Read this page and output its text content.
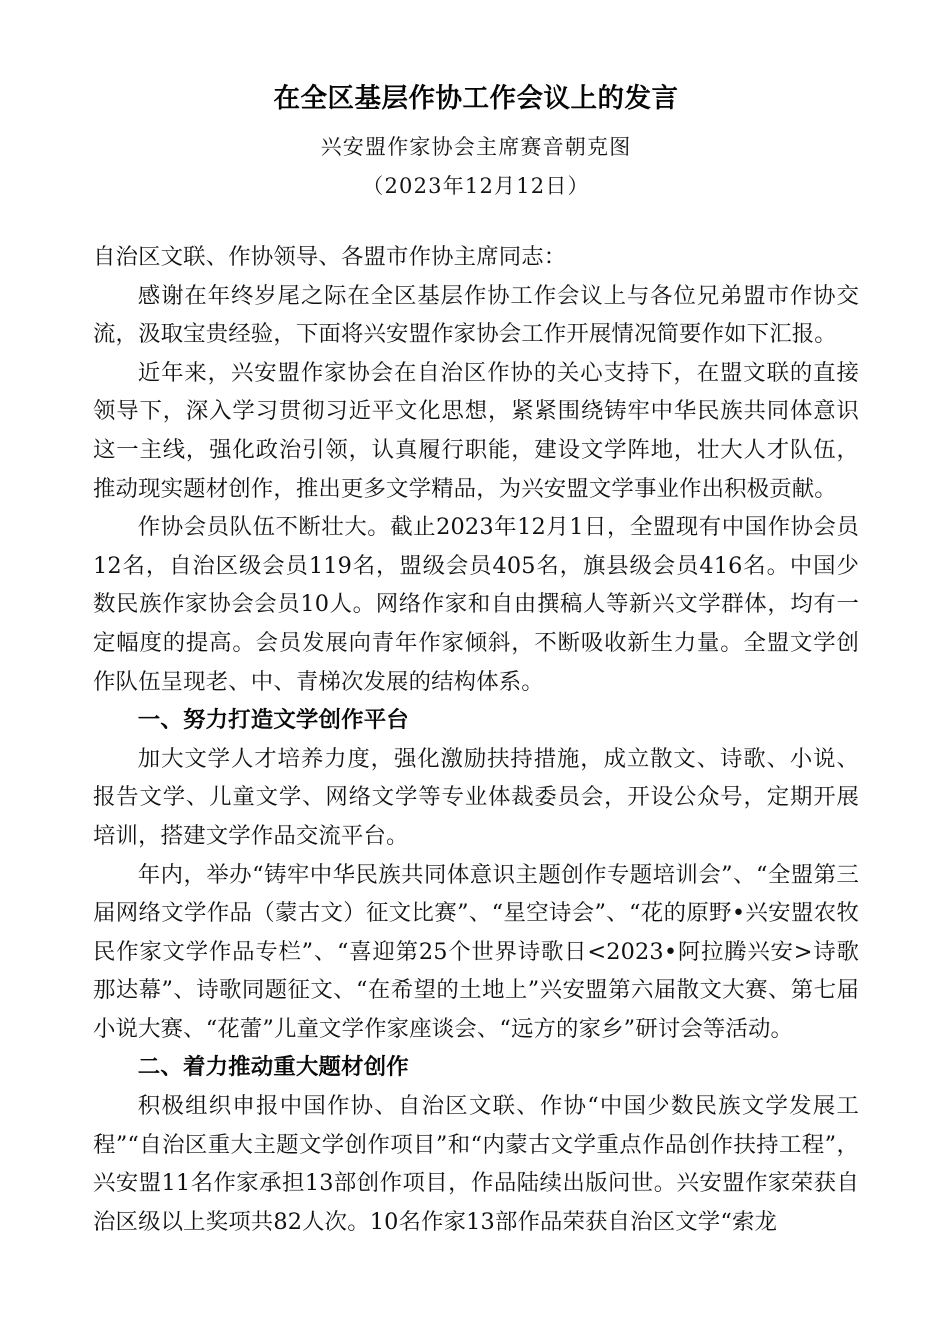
在全区基层作协工作会议上的发言
兴安盟作家协会主席赛音朝克图
（2023年12月12日）

自治区文联、作协领导、各盟市作协主席同志：

感谢在年终岁尾之际在全区基层作协工作会议上与各位兄弟盟市作协交流，汲取宝贵经验，下面将兴安盟作家协会工作开展情况简要作如下汇报。

近年来，兴安盟作家协会在自治区作协的关心支持下，在盟文联的直接领导下，深入学习贯彻习近平文化思想，紧紧围绕铸牢中华民族共同体意识这一主线，强化政治引领，认真履行职能，建设文学阵地，壮大人才队伍，推动现实题材创作，推出更多文学精品，为兴安盟文学事业作出积极贡献。

作协会员队伍不断壮大。截止2023年12月1日，全盟现有中国作协会员12名，自治区级会员119名，盟级会员405名，旗县级会员416名。中国少数民族作家协会会员10人。网络作家和自由撰稿人等新兴文学群体，均有一定幅度的提高。会员发展向青年作家倾斜，不断吸收新生力量。全盟文学创作队伍呈现老、中、青梯次发展的结构体系。

一、努力打造文学创作平台

加大文学人才培养力度，强化激励扶持措施，成立散文、诗歌、小说、报告文学、儿童文学、网络文学等专业体裁委员会，开设公众号，定期开展培训，搭建文学作品交流平台。

年内，举办“铸牢中华民族共同体意识主题创作专题培训会”、“全盟第三届网络文学作品（蒙古文）征文比赛”、“星空诗会”、“花的原野•兴安盟农牧民作家文学作品专栏”、“喜迎第25个世界诗歌日<2023•阿拉腾兴安>诗歌那达幕”、诗歌同题征文、“在希望的土地上”兴安盟第六届散文大赛、第七届小说大赛、“花蕾”儿童文学作家座谈会、“远方的家乡”研讨会等活动。

二、着力推动重大题材创作

积极组织申报中国作协、自治区文联、作协“中国少数民族文学发展工程”“自治区重大主题文学创作项目”和“内蒙古文学重点作品创作扶持工程”，兴安盟11名作家承担13部创作项目，作品陆续出版问世。兴安盟作家荣获自治区级以上奖项共82人次。10名作家13部作品荣获自治区文学“索龙
